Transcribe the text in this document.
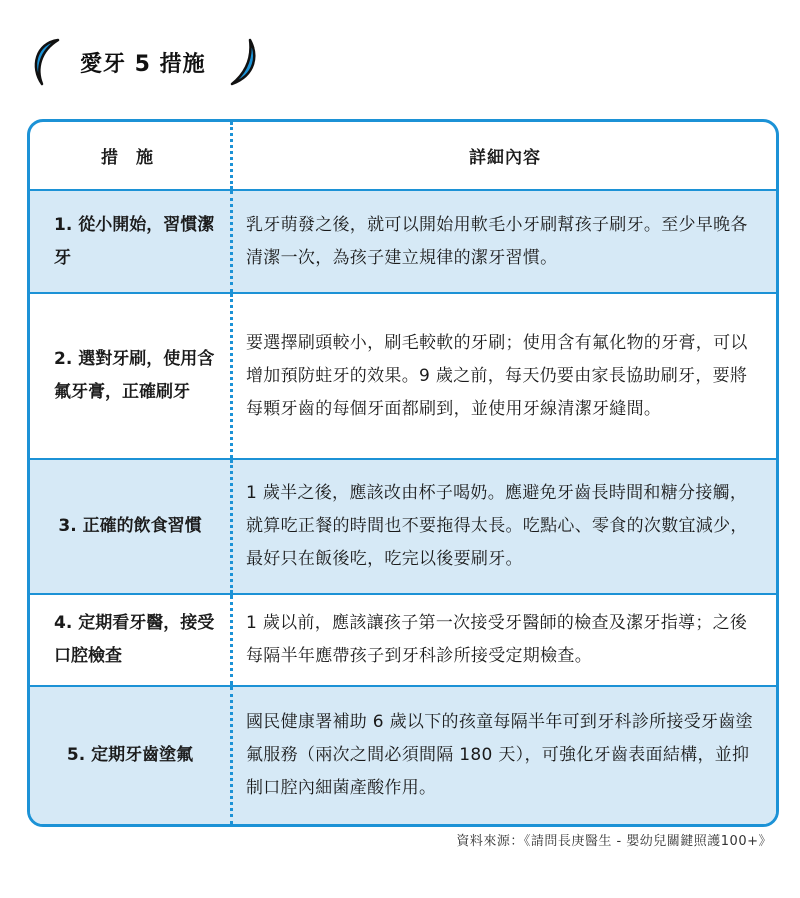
愛牙 5 措施
措 施	詳細內容
1. 從小開始，習慣潔牙
乳牙萌發之後，就可以開始用軟毛小牙刷幫孩子刷牙。至少早晚各清潔一次，為孩子建立規律的潔牙習慣。
2. 選對牙刷，使用含氟牙膏，正確刷牙
要選擇刷頭較小，刷毛較軟的牙刷；使用含有氟化物的牙膏，可以增加預防蛀牙的效果。9 歲之前，每天仍要由家長協助刷牙，要將每顆牙齒的每個牙面都刷到，並使用牙線清潔牙縫間。
3. 正確的飲食習慣
1 歲半之後，應該改由杯子喝奶。應避免牙齒長時間和糖分接觸，就算吃正餐的時間也不要拖得太長。吃點心、零食的次數宜減少，最好只在飯後吃，吃完以後要刷牙。
4. 定期看牙醫，接受口腔檢查
1 歲以前，應該讓孩子第一次接受牙醫師的檢查及潔牙指導；之後每隔半年應帶孩子到牙科診所接受定期檢查。
5. 定期牙齒塗氟
國民健康署補助 6 歲以下的孩童每隔半年可到牙科診所接受牙齒塗氟服務（兩次之間必須間隔 180 天），可強化牙齒表面結構，並抑制口腔內細菌產酸作用。
資料來源：《請問長庚醫生 - 嬰幼兒關鍵照護100+》
